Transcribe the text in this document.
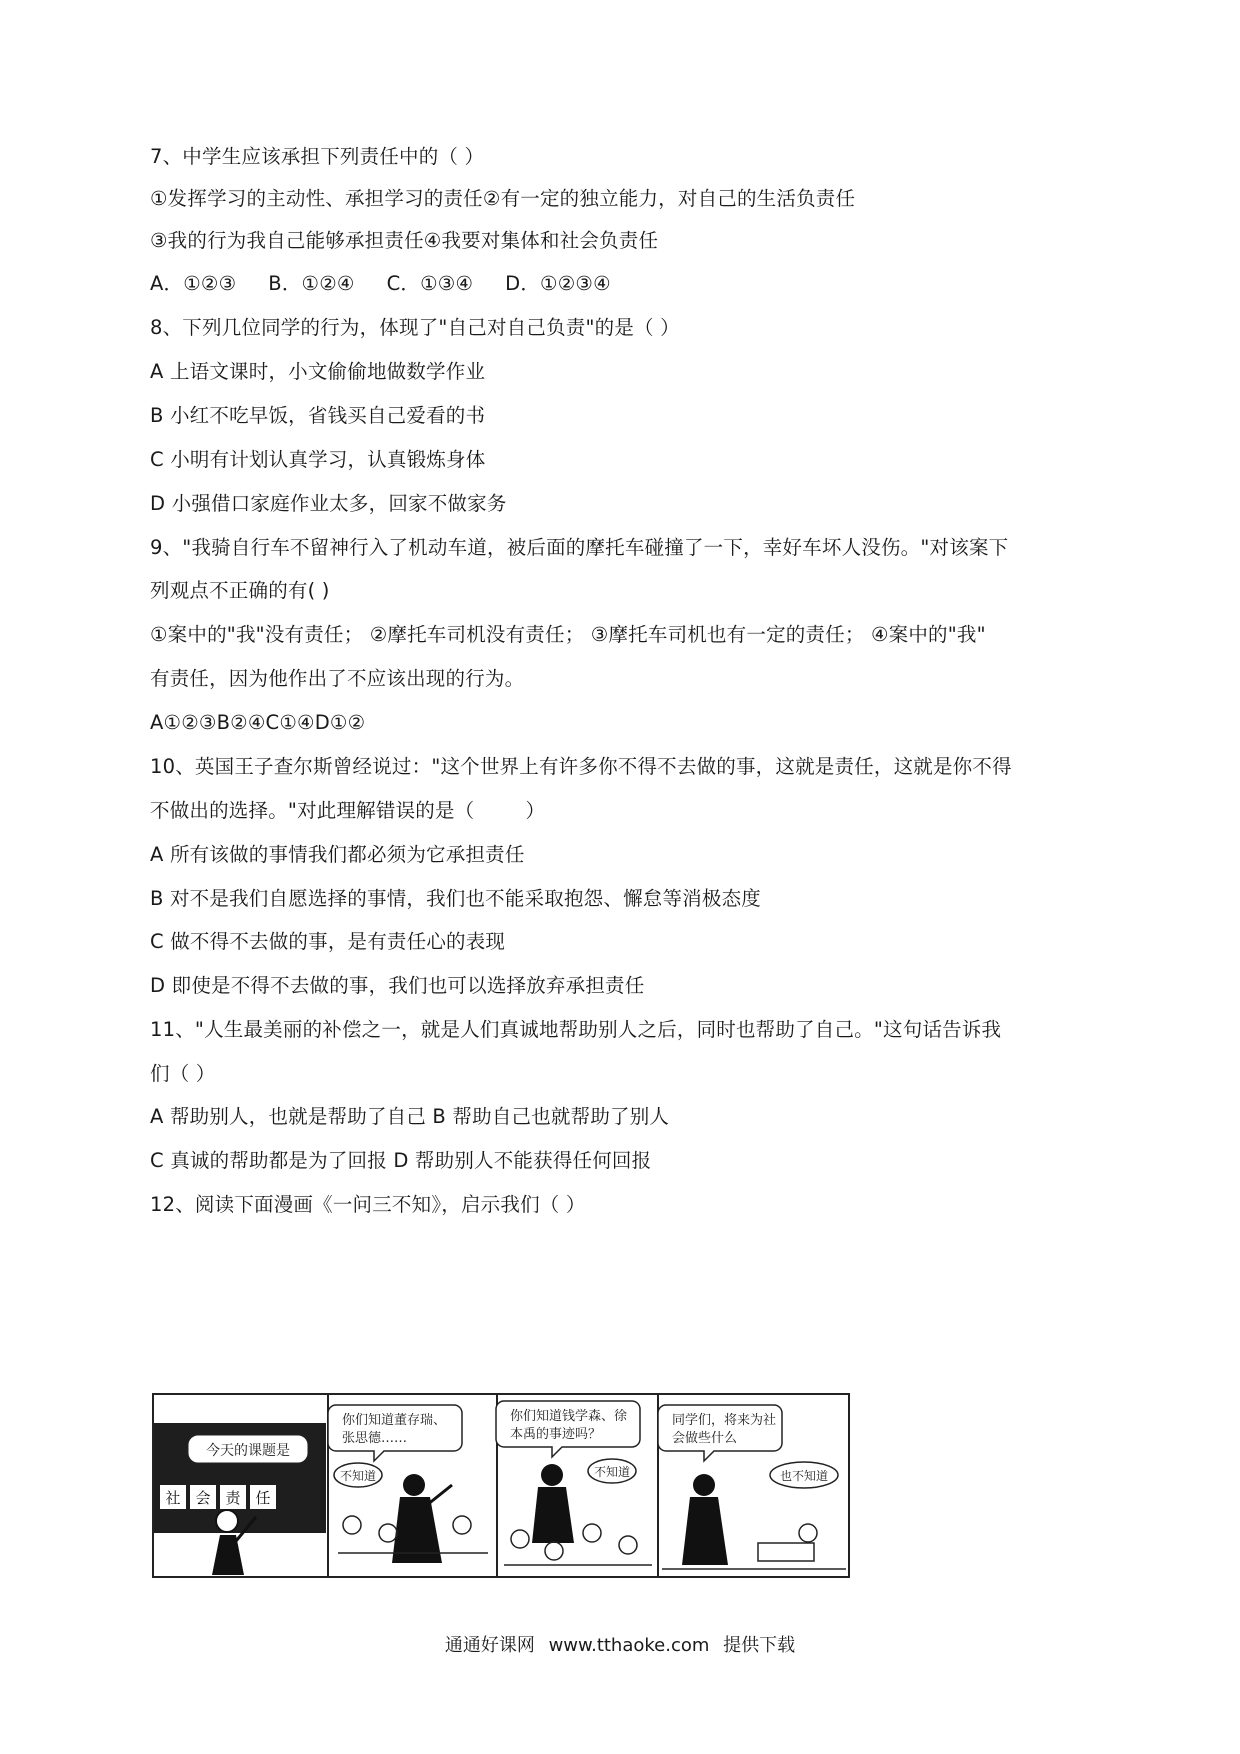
7、中学生应该承担下列责任中的（ ）
①发挥学习的主动性、承担学习的责任②有一定的独立能力，对自己的生活负责任
③我的行为我自己能够承担责任④我要对集体和社会负责任
A．①②③     B．①②④     C．①③④     D．①②③④
8、下列几位同学的行为，体现了"自己对自己负责"的是（ ）
A 上语文课时，小文偷偷地做数学作业
B 小红不吃早饭，省钱买自己爱看的书
C 小明有计划认真学习，认真锻炼身体
D 小强借口家庭作业太多，回家不做家务
9、"我骑自行车不留神行入了机动车道，被后面的摩托车碰撞了一下，幸好车坏人没伤。"对该案下
列观点不正确的有( )
①案中的"我"没有责任； ②摩托车司机没有责任； ③摩托车司机也有一定的责任； ④案中的"我"
有责任，因为他作出了不应该出现的行为。
A①②③B②④C①④D①②
10、英国王子查尔斯曾经说过："这个世界上有许多你不得不去做的事，这就是责任，这就是你不得
不做出的选择。"对此理解错误的是（        ）
A 所有该做的事情我们都必须为它承担责任
B 对不是我们自愿选择的事情，我们也不能采取抱怨、懈怠等消极态度
C 做不得不去做的事，是有责任心的表现
D 即使是不得不去做的事，我们也可以选择放弃承担责任
11、"人生最美丽的补偿之一，就是人们真诚地帮助别人之后，同时也帮助了自己。"这句话告诉我
们（ ）
A 帮助别人，也就是帮助了自己 B 帮助自己也就帮助了别人
C 真诚的帮助都是为了回报 D 帮助别人不能获得任何回报
12、阅读下面漫画《一问三不知》，启示我们（ ）
今天的课题是
社 会 责 任
你们知道董存瑞、
张思德……
不知道
你们知道钱学森、徐
本禹的事迹吗？
不知道
同学们，将来为社
会做些什么
也不知道
通通好课网 www.tthaoke.com 提供下载
